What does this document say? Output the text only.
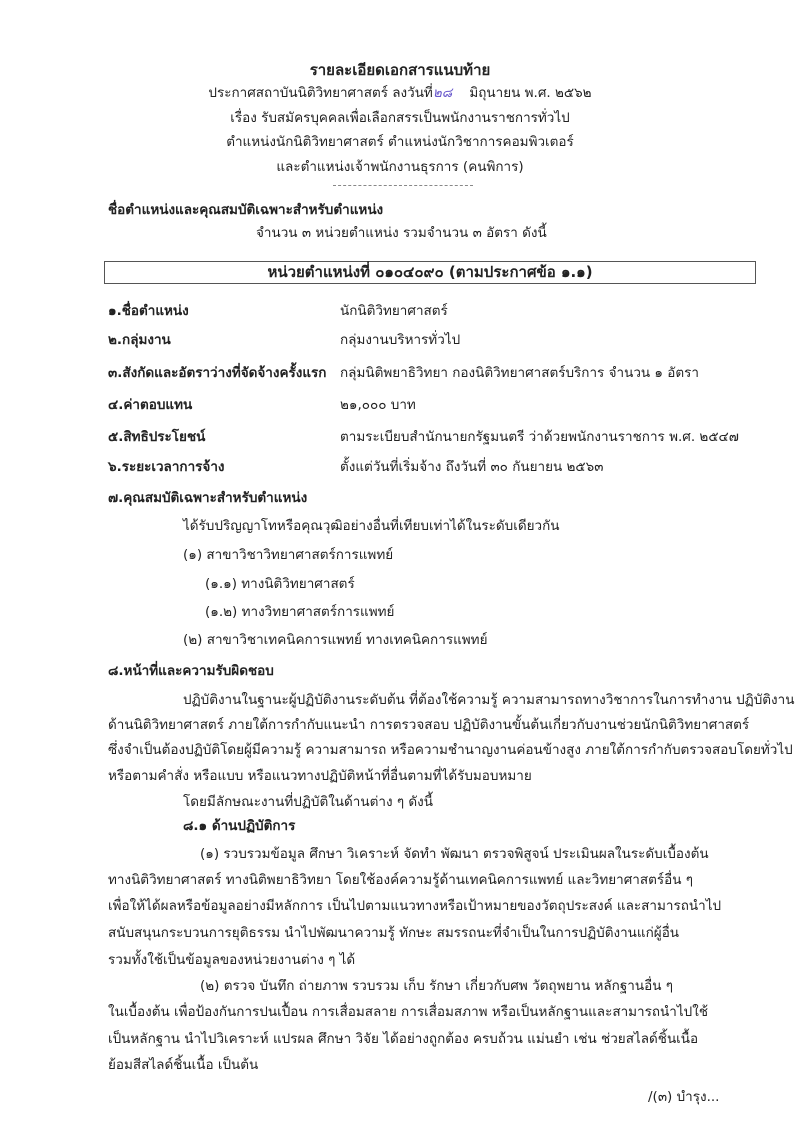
รายละเอียดเอกสารแนบท้าย
ประกาศสถาบันนิติวิทยาศาสตร์ ลงวันที่๒๘ มิถุนายน พ.ศ. ๒๕๖๒
เรื่อง รับสมัครบุคคลเพื่อเลือกสรรเป็นพนักงานราชการทั่วไป
ตำแหน่งนักนิติวิทยาศาสตร์ ตำแหน่งนักวิชาการคอมพิวเตอร์
และตำแหน่งเจ้าพนักงานธุรการ (คนพิการ)
ชื่อตำแหน่งและคุณสมบัติเฉพาะสำหรับตำแหน่ง
จำนวน ๓ หน่วยตำแหน่ง รวมจำนวน ๓ อัตรา ดังนี้
หน่วยตำแหน่งที่ ๐๑๐๔๐๙๐ (ตามประกาศข้อ ๑.๑)
๑.ชื่อตำแหน่ง	นักนิติวิทยาศาสตร์
๒.กลุ่มงาน	กลุ่มงานบริหารทั่วไป
๓.สังกัดและอัตราว่างที่จัดจ้างครั้งแรก กลุ่มนิติพยาธิวิทยา กองนิติวิทยาศาสตร์บริการ จำนวน ๑ อัตรา
๔.ค่าตอบแทน	๒๑,๐๐๐ บาท
๕.สิทธิประโยชน์	ตามระเบียบสำนักนายกรัฐมนตรี ว่าด้วยพนักงานราชการ พ.ศ. ๒๕๔๗
๖.ระยะเวลาการจ้าง	ตั้งแต่วันที่เริ่มจ้าง ถึงวันที่ ๓๐ กันยายน ๒๕๖๓
๗.คุณสมบัติเฉพาะสำหรับตำแหน่ง
ได้รับปริญญาโทหรือคุณวุฒิอย่างอื่นที่เทียบเท่าได้ในระดับเดียวกัน
(๑) สาขาวิชาวิทยาศาสตร์การแพทย์
(๑.๑) ทางนิติวิทยาศาสตร์
(๑.๒) ทางวิทยาศาสตร์การแพทย์
(๒) สาขาวิชาเทคนิคการแพทย์ ทางเทคนิคการแพทย์
๘.หน้าที่และความรับผิดชอบ
ปฏิบัติงานในฐานะผู้ปฏิบัติงานระดับต้น ที่ต้องใช้ความรู้ ความสามารถทางวิชาการในการทำงาน ปฏิบัติงาน
ด้านนิติวิทยาศาสตร์ ภายใต้การกำกับแนะนำ การตรวจสอบ ปฏิบัติงานขั้นต้นเกี่ยวกับงานช่วยนักนิติวิทยาศาสตร์
ซึ่งจำเป็นต้องปฏิบัติโดยผู้มีความรู้ ความสามารถ หรือความชำนาญงานค่อนข้างสูง ภายใต้การกำกับตรวจสอบโดยทั่วไป
หรือตามคำสั่ง หรือแบบ หรือแนวทางปฏิบัติหน้าที่อื่นตามที่ได้รับมอบหมาย
โดยมีลักษณะงานที่ปฏิบัติในด้านต่าง ๆ ดังนี้
๘.๑ ด้านปฏิบัติการ
(๑) รวบรวมข้อมูล ศึกษา วิเคราะห์ จัดทำ พัฒนา ตรวจพิสูจน์ ประเมินผลในระดับเบื้องต้น
ทางนิติวิทยาศาสตร์ ทางนิติพยาธิวิทยา โดยใช้องค์ความรู้ด้านเทคนิคการแพทย์ และวิทยาศาสตร์อื่น ๆ
เพื่อให้ได้ผลหรือข้อมูลอย่างมีหลักการ เป็นไปตามแนวทางหรือเป้าหมายของวัตถุประสงค์ และสามารถนำไป
สนับสนุนกระบวนการยุติธรรม นำไปพัฒนาความรู้ ทักษะ สมรรถนะที่จำเป็นในการปฏิบัติงานแก่ผู้อื่น
รวมทั้งใช้เป็นข้อมูลของหน่วยงานต่าง ๆ ได้
(๒) ตรวจ บันทึก ถ่ายภาพ รวบรวม เก็บ รักษา เกี่ยวกับศพ วัตถุพยาน หลักฐานอื่น ๆ
ในเบื้องต้น เพื่อป้องกันการปนเปื้อน การเสื่อมสลาย การเสื่อมสภาพ หรือเป็นหลักฐานและสามารถนำไปใช้
เป็นหลักฐาน นำไปวิเคราะห์ แปรผล ศึกษา วิจัย ได้อย่างถูกต้อง ครบถ้วน แม่นยำ เช่น ช่วยสไลด์ชิ้นเนื้อ
ย้อมสีสไลด์ชิ้นเนื้อ เป็นต้น
/(๓) บำรุง...
